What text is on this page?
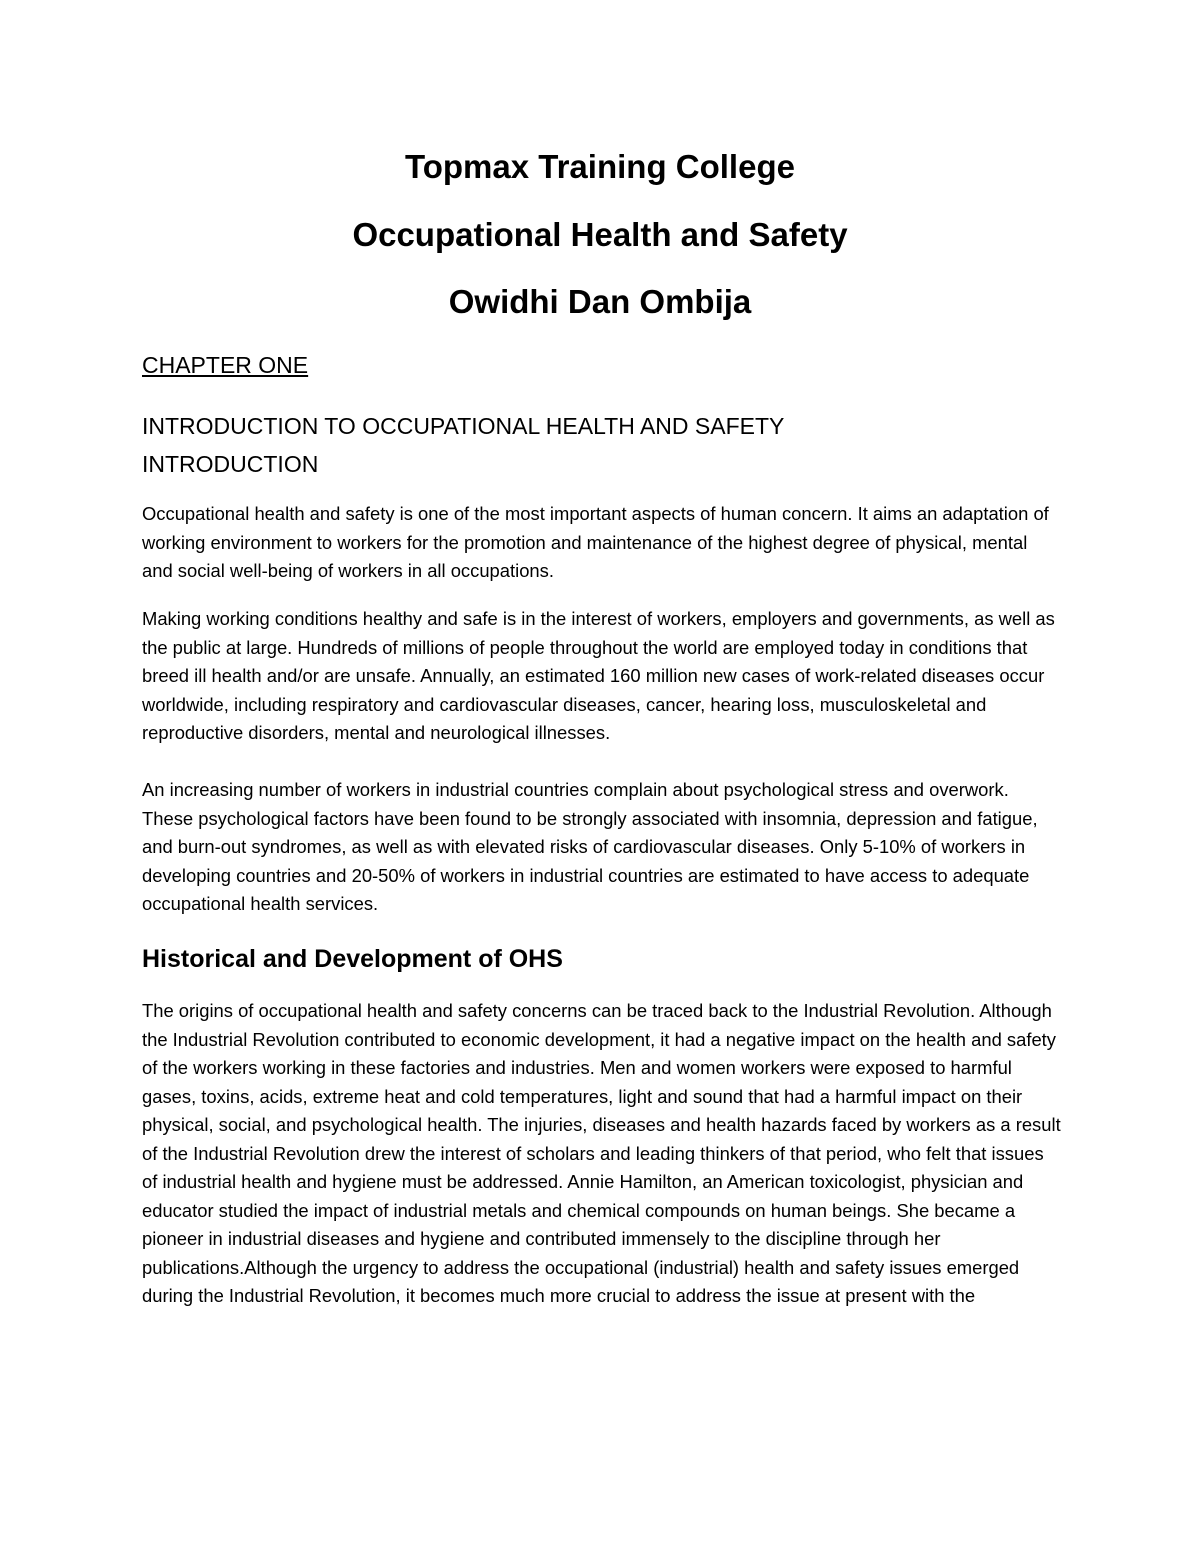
Topmax Training College
Occupational Health and Safety
Owidhi Dan Ombija

CHAPTER ONE

INTRODUCTION TO OCCUPATIONAL HEALTH AND SAFETY
INTRODUCTION

Occupational health and safety is one of the most important aspects of human concern. It aims an adaptation of working environment to workers for the promotion and maintenance of the highest degree of physical, mental and social well-being of workers in all occupations.

Making working conditions healthy and safe is in the interest of workers, employers and governments, as well as the public at large. Hundreds of millions of people throughout the world are employed today in conditions that breed ill health and/or are unsafe. Annually, an estimated 160 million new cases of work-related diseases occur worldwide, including respiratory and cardiovascular diseases, cancer, hearing loss, musculoskeletal and reproductive disorders, mental and neurological illnesses.

An increasing number of workers in industrial countries complain about psychological stress and overwork. These psychological factors have been found to be strongly associated with insomnia, depression and fatigue, and burn-out syndromes, as well as with elevated risks of cardiovascular diseases. Only 5-10% of workers in developing countries and 20-50% of workers in industrial countries are estimated to have access to adequate occupational health services.

Historical and Development of OHS

The origins of occupational health and safety concerns can be traced back to the Industrial Revolution. Although the Industrial Revolution contributed to economic development, it had a negative impact on the health and safety of the workers working in these factories and industries. Men and women workers were exposed to harmful gases, toxins, acids, extreme heat and cold temperatures, light and sound that had a harmful impact on their physical, social, and psychological health. The injuries, diseases and health hazards faced by workers as a result of the Industrial Revolution drew the interest of scholars and leading thinkers of that period, who felt that issues of industrial health and hygiene must be addressed. Annie Hamilton, an American toxicologist, physician and educator studied the impact of industrial metals and chemical compounds on human beings. She became a pioneer in industrial diseases and hygiene and contributed immensely to the discipline through her publications.Although the urgency to address the occupational (industrial) health and safety issues emerged during the Industrial Revolution, it becomes much more crucial to address the issue at present with the
